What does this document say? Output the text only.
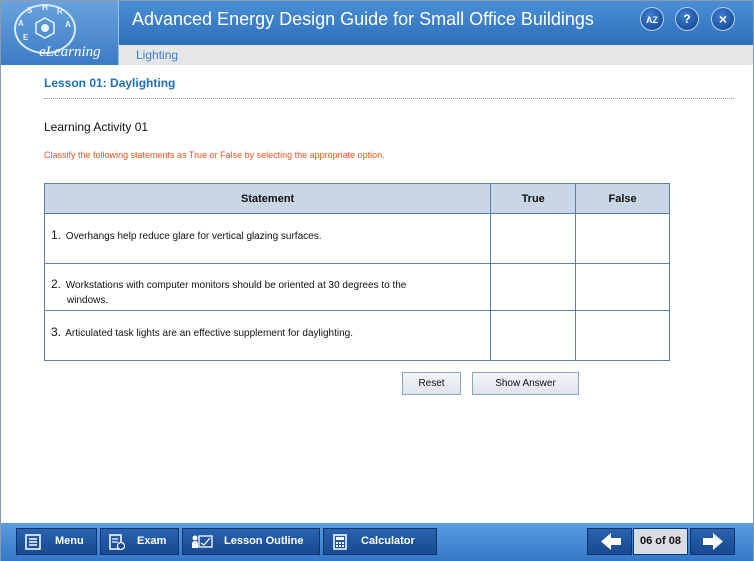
Advanced Energy Design Guide for Small Office Buildings	AZ	?	×
A
S H R
A
E
eLearning	Lighting
Lesson 01: Daylighting
Learning Activity 01
Classify the following statements as True or False by selecting the appropriate option.
Statement	True	False

1. Overhangs help reduce glare for vertical glazing surfaces.		

2. Workstations with computer monitors should be oriented at 30 degrees to the
windows.		

3. Articulated task lights are an effective supplement for daylighting.		

Reset	Show Answer
Menu	Exam	Lesson Outline	Calculator	06 of 08
